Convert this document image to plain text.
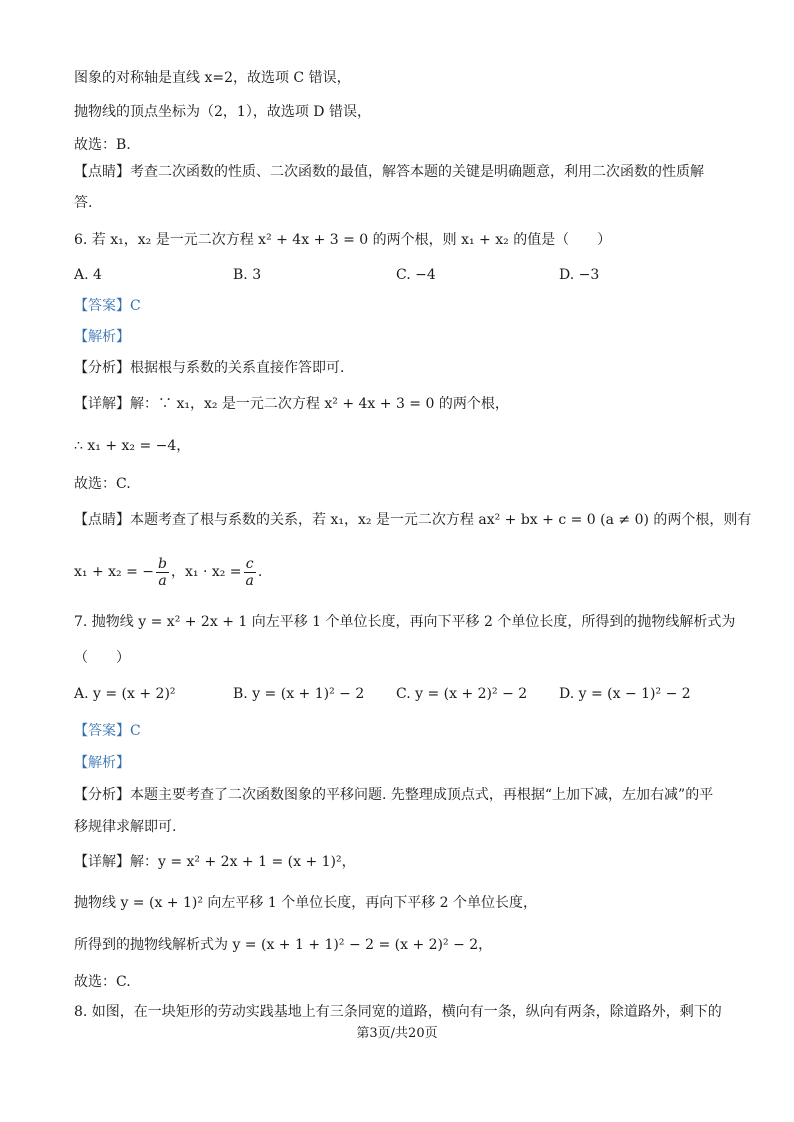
图象的对称轴是直线 x=2，故选项 C 错误，
抛物线的顶点坐标为（2，1），故选项 D 错误，
故选：B.
【点睛】考查二次函数的性质、二次函数的最值，解答本题的关键是明确题意，利用二次函数的性质解
答.
6. 若 x₁，x₂ 是一元二次方程 x² + 4x + 3 = 0 的两个根，则 x₁ + x₂ 的值是（　　）
A. 4	B. 3	C. −4	D. −3
【答案】C
【解析】
【分析】根据根与系数的关系直接作答即可.
【详解】解：∵ x₁，x₂ 是一元二次方程 x² + 4x + 3 = 0 的两个根，
∴ x₁ + x₂ = −4，
故选：C.
【点睛】本题考查了根与系数的关系，若 x₁，x₂ 是一元二次方程 ax² + bx + c = 0 (a ≠ 0) 的两个根，则有
x₁ + x₂ = − $\frac{b}{a}$ ，$x_1 \cdot x_2 = \frac{c}{a}$ .
7. 抛物线 y = x² + 2x + 1 向左平移 1 个单位长度，再向下平移 2 个单位长度，所得到的抛物线解析式为
（　　）
A. y = (x + 2)²	B. y = (x + 1)² − 2 C. y = (x + 2)² − 2 D. y = (x − 1)² − 2
【答案】C
【解析】
【分析】本题主要考查了二次函数图象的平移问题. 先整理成顶点式，再根据“上加下减，左加右减”的平
移规律求解即可.
【详解】解：y = x² + 2x + 1 = (x + 1)²，
抛物线 y = (x + 1)² 向左平移 1 个单位长度，再向下平移 2 个单位长度，
所得到的抛物线解析式为 y = (x + 1 + 1)² − 2 = (x + 2)² − 2，
故选：C.
8. 如图，在一块矩形的劳动实践基地上有三条同宽的道路，横向有一条，纵向有两条，除道路外，剩下的
第3页/共20页
